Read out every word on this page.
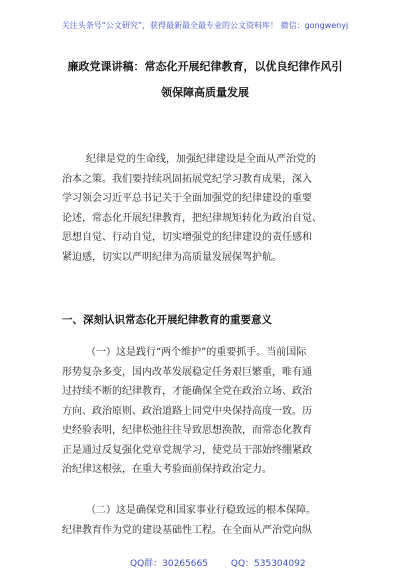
关注头条号“公文研究”，获得最新最全最专业的公文资料库！ 微信：gongwenyj
廉政党课讲稿：常态化开展纪律教育，以优良纪律作风引
领保障高质量发展
纪律是党的生命线，加强纪律建设是全面从严治党的
治本之策。我们要持续巩固拓展党纪学习教育成果，深入
学习领会习近平总书记关于全面加强党的纪律建设的重要
论述，常态化开展纪律教育，把纪律规矩转化为政治自觉、
思想自觉、行动自觉，切实增强党的纪律建设的责任感和
紧迫感，切实以严明纪律为高质量发展保驾护航。
一、深刻认识常态化开展纪律教育的重要意义
（一）这是践行“两个维护”的重要抓手。当前国际
形势复杂多变，国内改革发展稳定任务艰巨繁重，唯有通
过持续不断的纪律教育，才能确保全党在政治立场、政治
方向、政治原则、政治道路上同党中央保持高度一致。历
史经验表明，纪律松弛往往导致思想涣散，而常态化教育
正是通过反复强化党章党规学习，使党员干部始终绷紧政
治纪律这根弦，在重大考验面前保持政治定力。
（二）这是确保党和国家事业行稳致远的根本保障。
纪律教育作为党的建设基础性工程。在全面从严治党向纵
QQ群：30265665	QQ：535304092
